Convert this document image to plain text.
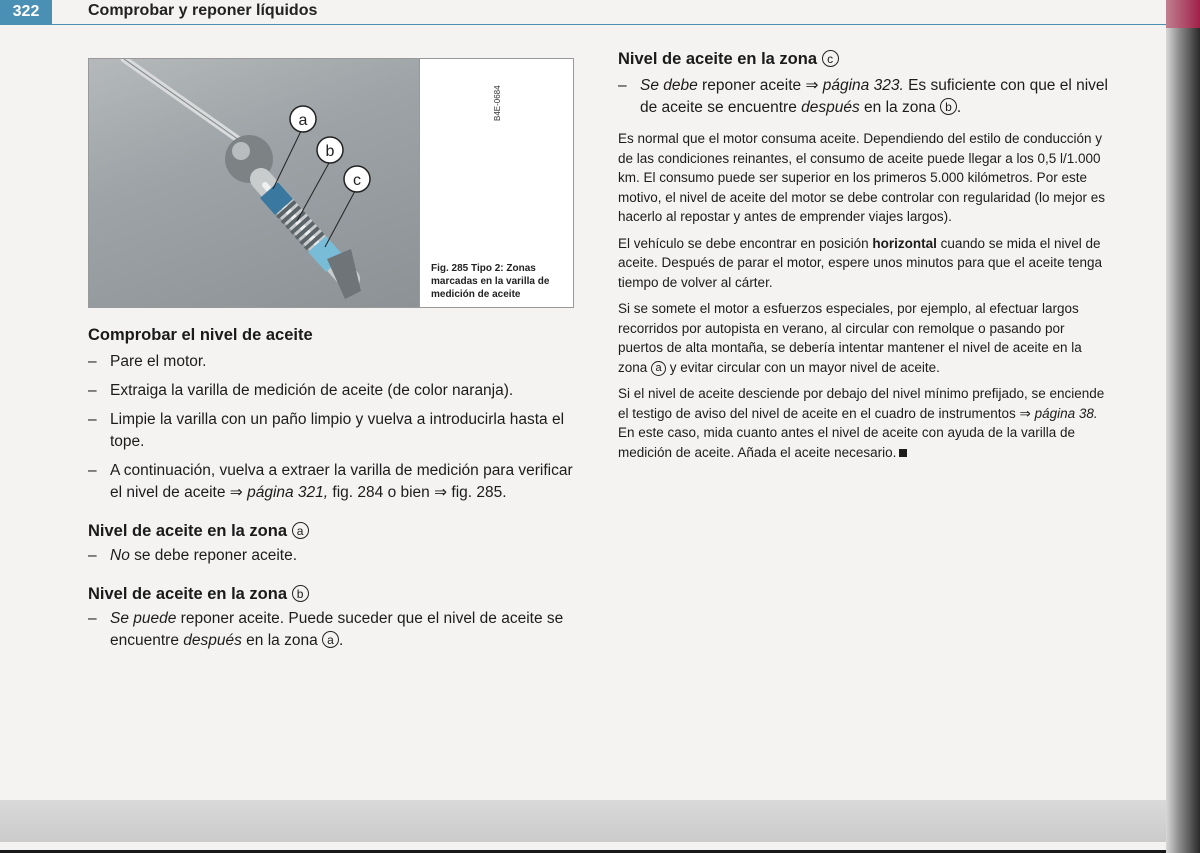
322	Comprobar y reponer líquidos
a
b
c
B4E-0684
Fig. 285 Tipo 2: Zonas marcadas en la varilla de medición de aceite
Comprobar el nivel de aceite

– Pare el motor.

– Extraiga la varilla de medición de aceite (de color naranja).

– Limpie la varilla con un paño limpio y vuelva a introducirla hasta el tope.

– A continuación, vuelva a extraer la varilla de medición para verificar el nivel de aceite ⇒ página 321, fig. 284 o bien ⇒ fig. 285.

Nivel de aceite en la zona a

– No se debe reponer aceite.

Nivel de aceite en la zona b

– Se puede reponer aceite. Puede suceder que el nivel de aceite se encuentre después en la zona a .

Nivel de aceite en la zona c

– Se debe reponer aceite ⇒ página 323. Es suficiente con que el nivel de aceite se encuentre después en la zona b .

Es normal que el motor consuma aceite. Dependiendo del estilo de conducción y de las condiciones reinantes, el consumo de aceite puede llegar a los 0,5 l/1.000 km. El consumo puede ser superior en los primeros 5.000 kilómetros. Por este motivo, el nivel de aceite del motor se debe controlar con regularidad (lo mejor es hacerlo al repostar y antes de emprender viajes largos).

El vehículo se debe encontrar en posición horizontal cuando se mida el nivel de aceite. Después de parar el motor, espere unos minutos para que el aceite tenga tiempo de volver al cárter.

Si se somete el motor a esfuerzos especiales, por ejemplo, al efectuar largos recorridos por autopista en verano, al circular con remolque o pasando por puertos de alta montaña, se debería intentar mantener el nivel de aceite en la zona a y evitar circular con un mayor nivel de aceite.

Si el nivel de aceite desciende por debajo del nivel mínimo prefijado, se enciende el testigo de aviso del nivel de aceite en el cuadro de instrumentos ⇒ página 38. En este caso, mida cuanto antes el nivel de aceite con ayuda de la varilla de medición de aceite. Añada el aceite necesario.
